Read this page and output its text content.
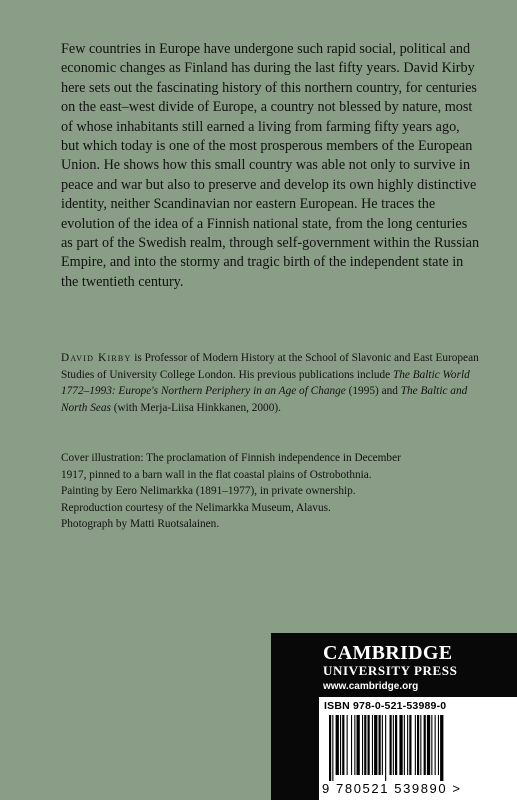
Few countries in Europe have undergone such rapid social, political and economic changes as Finland has during the last fifty years. David Kirby here sets out the fascinating history of this northern country, for centuries on the east–west divide of Europe, a country not blessed by nature, most of whose inhabitants still earned a living from farming fifty years ago, but which today is one of the most prosperous members of the European Union. He shows how this small country was able not only to survive in peace and war but also to preserve and develop its own highly distinctive identity, neither Scandinavian nor eastern European. He traces the evolution of the idea of a Finnish national state, from the long centuries as part of the Swedish realm, through self-government within the Russian Empire, and into the stormy and tragic birth of the independent state in the twentieth century.

David Kirby is Professor of Modern History at the School of Slavonic and East European Studies of University College London. His previous publications include The Baltic World 1772–1993: Europe's Northern Periphery in an Age of Change (1995) and The Baltic and North Seas (with Merja-Liisa Hinkkanen, 2000).

Cover illustration: The proclamation of Finnish independence in December
1917, pinned to a barn wall in the flat coastal plains of Ostrobothnia.
Painting by Eero Nelimarkka (1891–1977), in private ownership.
Reproduction courtesy of the Nelimarkka Museum, Alavus.
Photograph by Matti Ruotsalainen.

CAMBRIDGE

UNIVERSITY PRESS

www.cambridge.org

ISBN 978-0-521-53989-0

9 780521 539890 >
